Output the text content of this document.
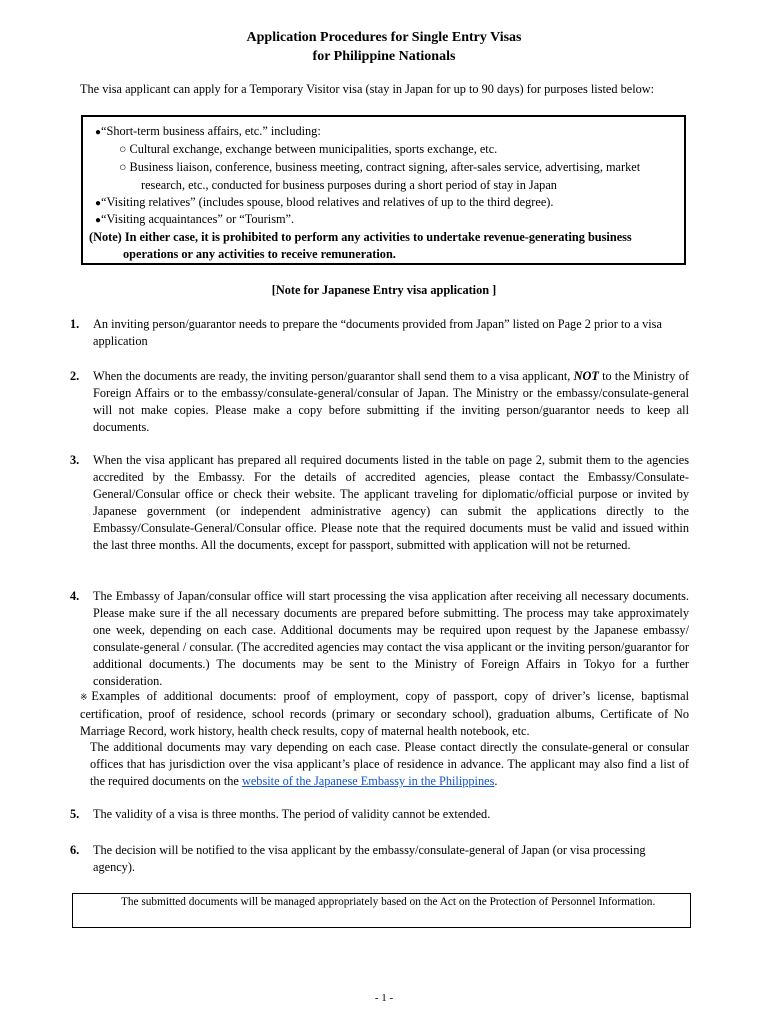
Application Procedures for Single Entry Visas
for Philippine Nationals
The visa applicant can apply for a Temporary Visitor visa (stay in Japan for up to 90 days) for purposes listed below:
●“Short-term business affairs, etc.” including:
○ Cultural exchange, exchange between municipalities, sports exchange, etc.
○ Business liaison, conference, business meeting, contract signing, after-sales service, advertising, market
research, etc., conducted for business purposes during a short period of stay in Japan
●“Visiting relatives” (includes spouse, blood relatives and relatives of up to the third degree).
●“Visiting acquaintances” or “Tourism”.
(Note) In either case, it is prohibited to perform any activities to undertake revenue-generating business
operations or any activities to receive remuneration.
[Note for Japanese Entry visa application ]
1. An inviting person/guarantor needs to prepare the “documents provided from Japan” listed on Page 2 prior to a visa application
2. When the documents are ready, the inviting person/guarantor shall send them to a visa applicant, NOT to the Ministry of Foreign Affairs or to the embassy/consulate-general/consular of Japan. The Ministry or the embassy/consulate-general will not make copies. Please make a copy before submitting if the inviting person/guarantor needs to keep all documents.
3. When the visa applicant has prepared all required documents listed in the table on page 2, submit them to the agencies accredited by the Embassy. For the details of accredited agencies, please contact the Embassy/Consulate-General/Consular office or check their website. The applicant traveling for diplomatic/official purpose or invited by Japanese government (or independent administrative agency) can submit the applications directly to the Embassy/Consulate-General/Consular office. Please note that the required documents must be valid and issued within the last three months. All the documents, except for passport, submitted with application will not be returned.
4. The Embassy of Japan/consular office will start processing the visa application after receiving all necessary documents. Please make sure if the all necessary documents are prepared before submitting. The process may take approximately one week, depending on each case. Additional documents may be required upon request by the Japanese embassy/ consulate-general / consular. (The accredited agencies may contact the visa applicant or the inviting person/guarantor for additional documents.) The documents may be sent to the Ministry of Foreign Affairs in Tokyo for a further consideration.
※Examples of additional documents: proof of employment, copy of passport, copy of driver’s license, baptismal certification, proof of residence, school records (primary or secondary school), graduation albums, Certificate of No Marriage Record, work history, health check results, copy of maternal health notebook, etc.
The additional documents may vary depending on each case. Please contact directly the consulate-general or consular offices that has jurisdiction over the visa applicant’s place of residence in advance. The applicant may also find a list of the required documents on the website of the Japanese Embassy in the Philippines.
5. The validity of a visa is three months. The period of validity cannot be extended.
6. The decision will be notified to the visa applicant by the embassy/consulate-general of Japan (or visa processing agency).
The submitted documents will be managed appropriately based on the Act on the Protection of Personnel Information.
- 1 -
